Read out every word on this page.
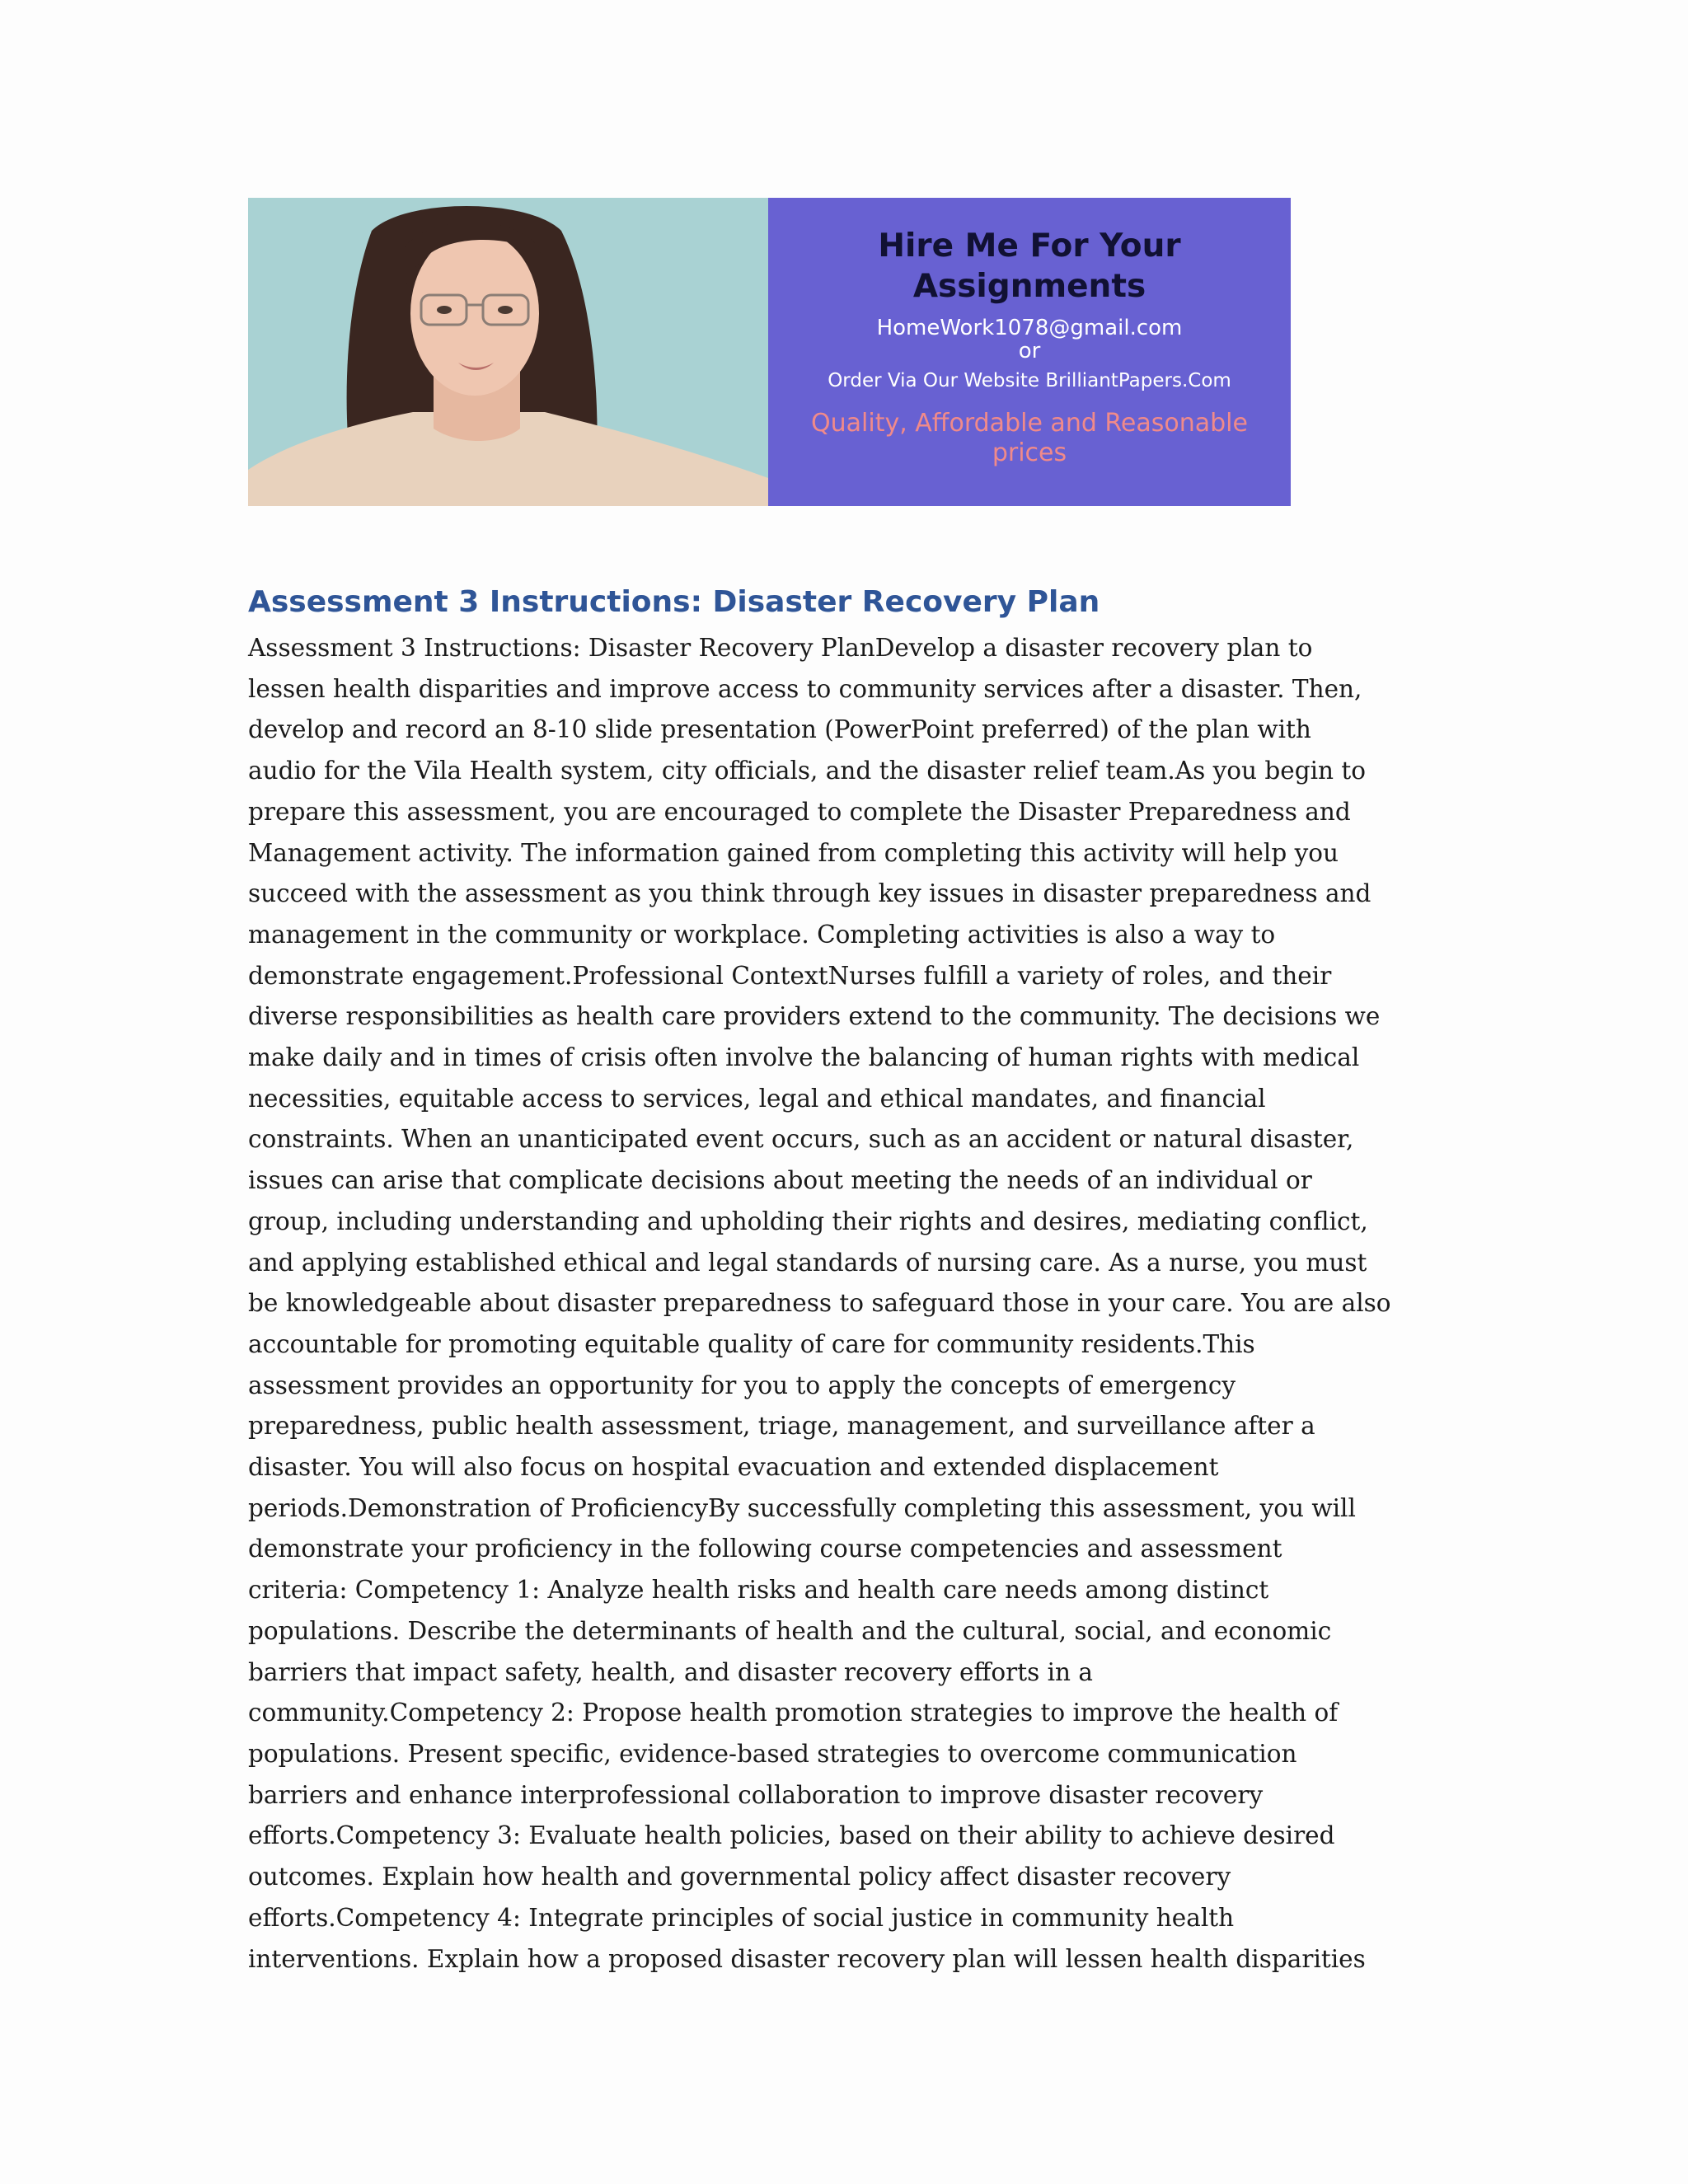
Hire Me For Your Assignments
HomeWork1078@gmail.com
or
Order Via Our Website BrilliantPapers.Com
Quality, Affordable and Reasonable prices
Assessment 3 Instructions: Disaster Recovery Plan
Assessment 3 Instructions: Disaster Recovery PlanDevelop a disaster recovery plan to
lessen health disparities and improve access to community services after a disaster. Then,
develop and record an 8-10 slide presentation (PowerPoint preferred) of the plan with
audio for the Vila Health system, city officials, and the disaster relief team.As you begin to
prepare this assessment, you are encouraged to complete the Disaster Preparedness and
Management activity. The information gained from completing this activity will help you
succeed with the assessment as you think through key issues in disaster preparedness and
management in the community or workplace. Completing activities is also a way to
demonstrate engagement.Professional ContextNurses fulfill a variety of roles, and their
diverse responsibilities as health care providers extend to the community. The decisions we
make daily and in times of crisis often involve the balancing of human rights with medical
necessities, equitable access to services, legal and ethical mandates, and financial
constraints. When an unanticipated event occurs, such as an accident or natural disaster,
issues can arise that complicate decisions about meeting the needs of an individual or
group, including understanding and upholding their rights and desires, mediating conflict,
and applying established ethical and legal standards of nursing care. As a nurse, you must
be knowledgeable about disaster preparedness to safeguard those in your care. You are also
accountable for promoting equitable quality of care for community residents.This
assessment provides an opportunity for you to apply the concepts of emergency
preparedness, public health assessment, triage, management, and surveillance after a
disaster. You will also focus on hospital evacuation and extended displacement
periods.Demonstration of ProficiencyBy successfully completing this assessment, you will
demonstrate your proficiency in the following course competencies and assessment
criteria: Competency 1: Analyze health risks and health care needs among distinct
populations. Describe the determinants of health and the cultural, social, and economic
barriers that impact safety, health, and disaster recovery efforts in a
community.Competency 2: Propose health promotion strategies to improve the health of
populations. Present specific, evidence-based strategies to overcome communication
barriers and enhance interprofessional collaboration to improve disaster recovery
efforts.Competency 3: Evaluate health policies, based on their ability to achieve desired
outcomes. Explain how health and governmental policy affect disaster recovery
efforts.Competency 4: Integrate principles of social justice in community health
interventions. Explain how a proposed disaster recovery plan will lessen health disparities
